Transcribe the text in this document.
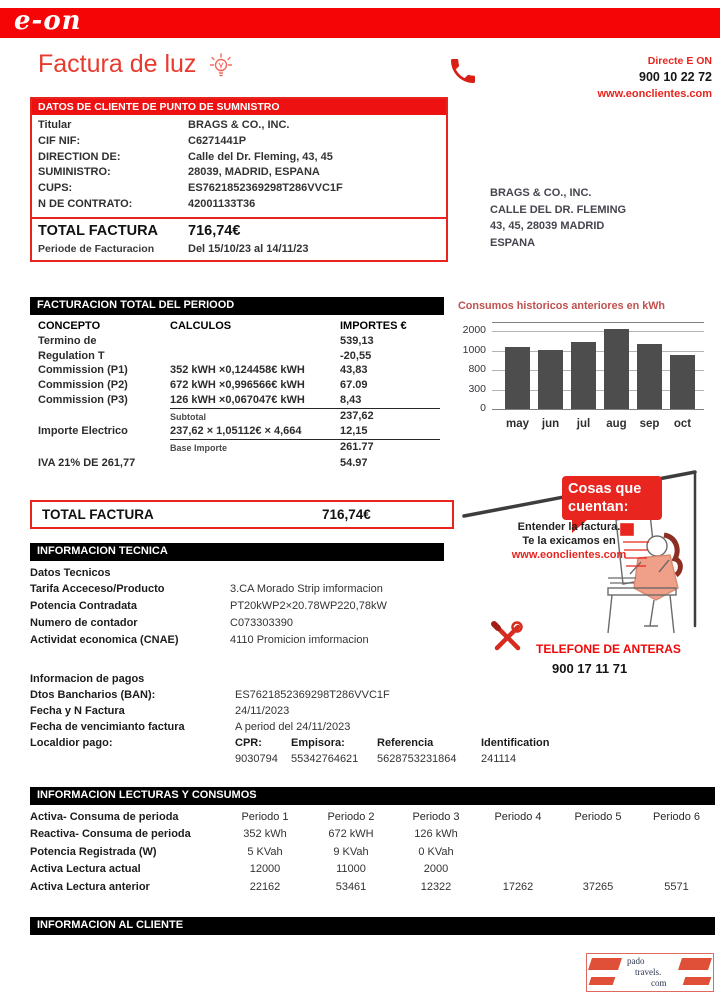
e-on
Factura de luz	Directe E ON
900 10 22 72
www.eonclientes.com
DATOS DE CLIENTE DE PUNTO DE SUMNISTRO
Titular	BRAGS & CO., INC.
CIF NIF:	C6271441P
DIRECTION DE:	Calle del Dr. Fleming, 43, 45
SUMINISTRO:	28039, MADRID, ESPANA
CUPS:	ES7621852369298T286VVC1F
N DE CONTRATO:	42001133T36
TOTAL FACTURA	716,74€
Periode de Facturacion	Del 15/10/23 al 14/11/23
BRAGS & CO., INC.
CALLE DEL DR. FLEMING
43, 45, 28039 MADRID
ESPANA
FACTURACION TOTAL DEL PERIOOD
CONCEPTO	CALCULOS	IMPORTES €
Termino de	539,13
Regulation T	-20,55
Commission (P1)	352 kWH ×0,124458€ kWH	43,83
Commission (P2)	672 kWH ×0,996566€ kWH	67.09
Commission (P3)	126 kWH ×0,067047€ kWH	8,43
Subtotal	237,62
Importe Electrico	237,62 × 1,05112€ × 4,664	12,15
Base Importe	261.77
IVA 21% DE 261,77	54.97
TOTAL FACTURA	716,74€
Consumos historicos anteriores en kWh
0
300
800
1000
2000
may	jun	jul	aug	sep	oct
Cosas que
cuentan:
Entender la factura.
Te la exicamos en
www.eonclientes.com
TELEFONE DE ANTERAS
900 17 11 71
INFORMACION TECNICA
Datos Tecnicos
Tarifa Acceceso/Producto	3.CA Morado Strip imformacion
Potencia Contradata	PT20kWP2×20.78WP220,78kW
Numero de contador	C073303390
Actividat economica (CNAE)	4110 Promicion imformacion
Informacion de pagos
Dtos Bancharios (BAN):	ES7621852369298T286VVC1F
Fecha y N Factura	24/11/2023
Fecha de vencimianto factura	A period del 24/11/2023
Localdior pago:	CPR:	Empisora:	Referencia	Identification
9030794	55342764621	5628753231864	241114
INFORMACION LECTURAS Y CONSUMOS
Activa- Consuma de perioda	Periodo 1	Periodo 2	Periodo 3	Periodo 4	Periodo 5	Periodo 6
Reactiva- Consuma de perioda	352 kWh	672 kWH	126 kWh
Potencia Registrada (W)	5 KVah	9 KVah	0 KVah
Activa Lectura actual	12000	11000	2000
Activa Lectura anterior	22162	53461	12322	17262	37265	5571
INFORMACION AL CLIENTE
pado
travels.
com
